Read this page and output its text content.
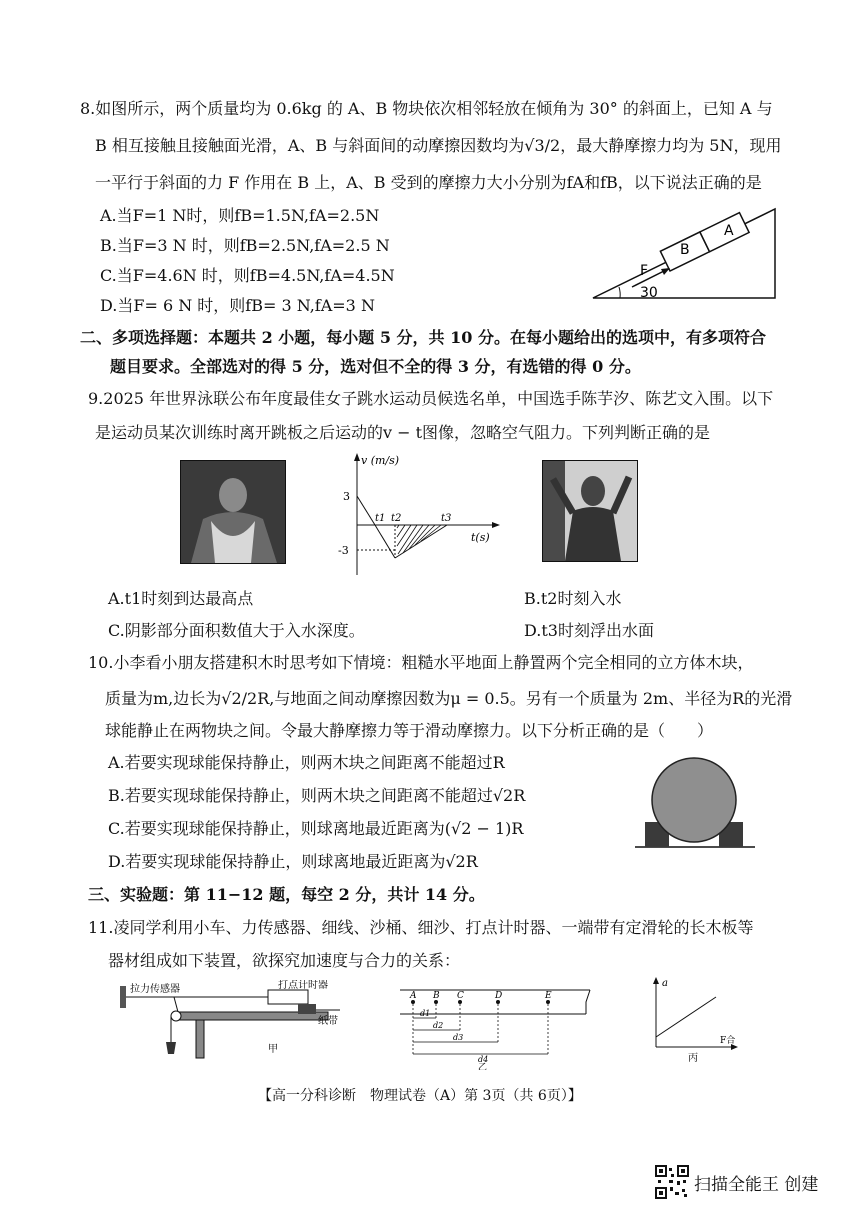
8.如图所示，两个质量均为 0.6kg 的 A、B 物块依次相邻轻放在倾角为 30° 的斜面上，已知 A 与
B 相互接触且接触面光滑，A、B 与斜面间的动摩擦因数均为√3/2，最大静摩擦力均为 5N，现用
一平行于斜面的力 F 作用在 B 上，A、B 受到的摩擦力大小分别为fA和fB，以下说法正确的是
A.当F=1 N时，则fB=1.5N,fA=2.5N
B.当F=3 N 时，则fB=2.5N,fA=2.5 N
C.当F=4.6N 时，则fB=4.5N,fA=4.5N
D.当F= 6 N 时，则fB= 3 N,fA=3 N
B
A
F
30
二、多项选择题：本题共 2 小题，每小题 5 分，共 10 分。在每小题给出的选项中，有多项符合
题目要求。全部选对的得 5 分，选对但不全的得 3 分，有选错的得 0 分。
9.2025 年世界泳联公布年度最佳女子跳水运动员候选名单，中国选手陈芋汐、陈艺文入围。以下
是运动员某次训练时离开跳板之后运动的v − t图像，忽略空气阻力。下列判断正确的是
v (m/s)
t(s)
3
-3
t1 t2	t3
A.t1时刻到达最高点	B.t2时刻入水
C.阴影部分面积数值大于入水深度。	D.t3时刻浮出水面
10.小李看小朋友搭建积木时思考如下情境：粗糙水平地面上静置两个完全相同的立方体木块，
质量为m,边长为√2/2R,与地面之间动摩擦因数为μ = 0.5。另有一个质量为 2m、半径为R的光滑
球能静止在两物块之间。令最大静摩擦力等于滑动摩擦力。以下分析正确的是（　　）
A.若要实现球能保持静止，则两木块之间距离不能超过R
B.若要实现球能保持静止，则两木块之间距离不能超过√2R
C.若要实现球能保持静止，则球离地最近距离为(√2 − 1)R
D.若要实现球能保持静止，则球离地最近距离为√2R
三、实验题：第 11−12 题，每空 2 分，共计 14 分。
11.凌同学利用小车、力传感器、细线、沙桶、细沙、打点计时器、一端带有定滑轮的长木板等
器材组成如下装置，欲探究加速度与合力的关系：
拉力传感器	打点计时器
纸带
甲
A B C	D	E
d1
d2
d3
d4
乙
a
F合
丙
【高一分科诊断　物理试卷（A）第 3页（共 6页）】
扫描全能王 创建
